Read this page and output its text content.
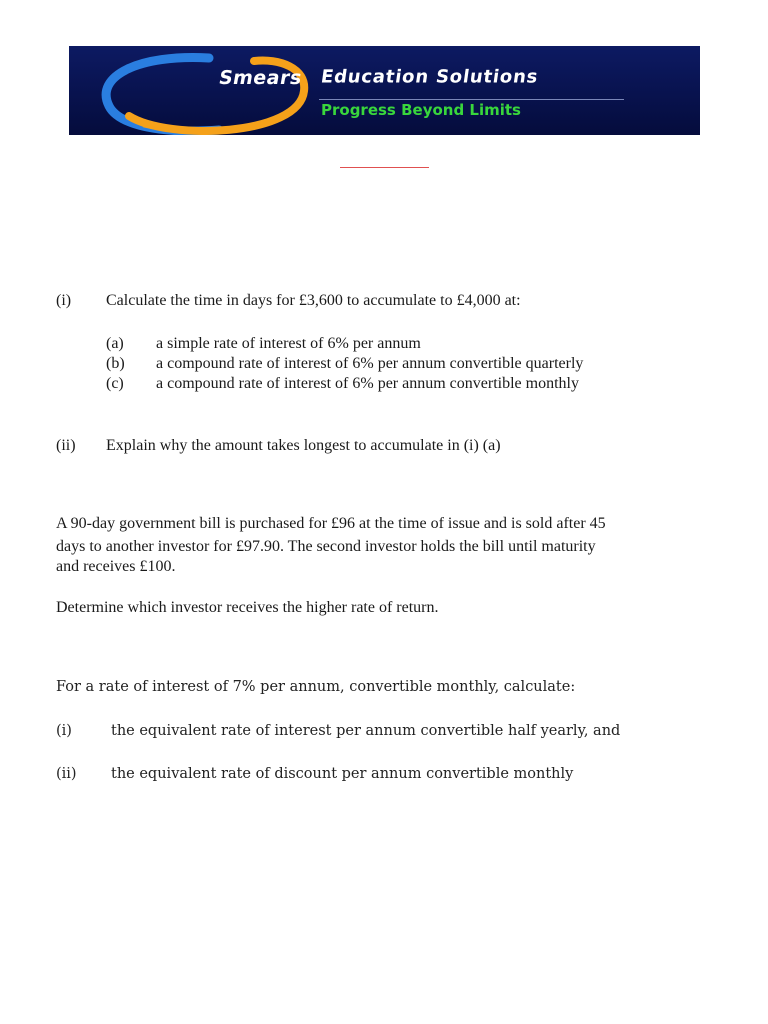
Smears Education Solutions
Progress Beyond Limits
(i) Calculate the time in days for £3,600 to accumulate to £4,000 at:
(a) a simple rate of interest of 6% per annum
(b) a compound rate of interest of 6% per annum convertible quarterly
(c) a compound rate of interest of 6% per annum convertible monthly
(ii) Explain why the amount takes longest to accumulate in (i) (a)
A 90-day government bill is purchased for £96 at the time of issue and is sold after 45
days to another investor for £97.90. The second investor holds the bill until maturity
and receives £100.
Determine which investor receives the higher rate of return.
For a rate of interest of 7% per annum, convertible monthly, calculate:
(i)	the equivalent rate of interest per annum convertible half yearly, and
(ii) the equivalent rate of discount per annum convertible monthly
